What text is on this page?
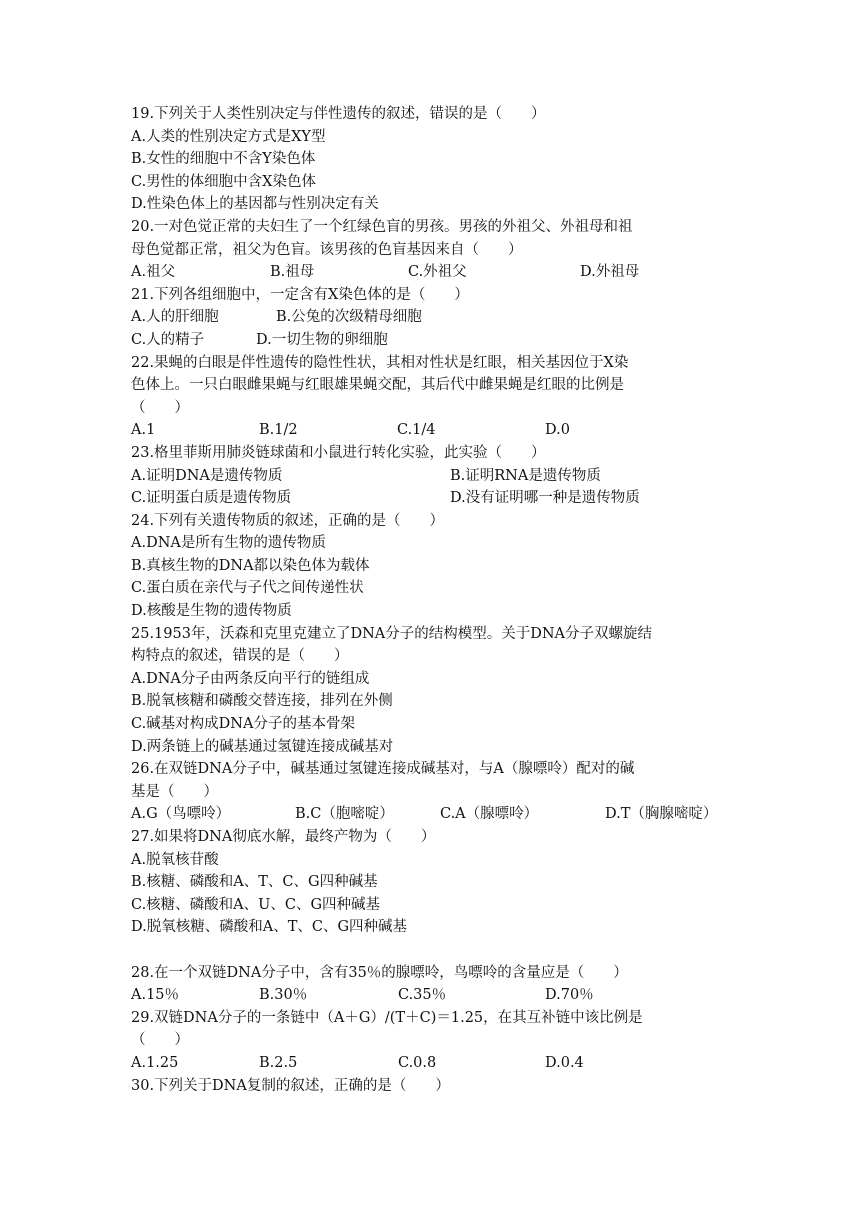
19.下列关于人类性别决定与伴性遗传的叙述，错误的是（　　）
A.人类的性别决定方式是XY型
B.女性的细胞中不含Y染色体
C.男性的体细胞中含X染色体
D.性染色体上的基因都与性别决定有关
20.一对色觉正常的夫妇生了一个红绿色盲的男孩。男孩的外祖父、外祖母和祖
母色觉都正常，祖父为色盲。该男孩的色盲基因来自（　　）
A.祖父	B.祖母	C.外祖父	D.外祖母
21.下列各组细胞中，一定含有X染色体的是（　　）
A.人的肝细胞	B.公兔的次级精母细胞
C.人的精子	D.一切生物的卵细胞
22.果蝇的白眼是伴性遗传的隐性性状，其相对性状是红眼，相关基因位于X染
色体上。一只白眼雌果蝇与红眼雄果蝇交配，其后代中雌果蝇是红眼的比例是
（　　）
A.1	B.1/2	C.1/4	D.0
23.格里菲斯用肺炎链球菌和小鼠进行转化实验，此实验（　　）
A.证明DNA是遗传物质	B.证明RNA是遗传物质
C.证明蛋白质是遗传物质	D.没有证明哪一种是遗传物质
24.下列有关遗传物质的叙述，正确的是（　　）
A.DNA是所有生物的遗传物质
B.真核生物的DNA都以染色体为载体
C.蛋白质在亲代与子代之间传递性状
D.核酸是生物的遗传物质
25.1953年，沃森和克里克建立了DNA分子的结构模型。关于DNA分子双螺旋结
构特点的叙述，错误的是（　　）
A.DNA分子由两条反向平行的链组成
B.脱氧核糖和磷酸交替连接，排列在外侧
C.碱基对构成DNA分子的基本骨架
D.两条链上的碱基通过氢键连接成碱基对
26.在双链DNA分子中，碱基通过氢键连接成碱基对，与A（腺嘌呤）配对的碱
基是（　　）
A.G（鸟嘌呤）	B.C（胞嘧啶）	C.A（腺嘌呤）	D.T（胸腺嘧啶）
27.如果将DNA彻底水解，最终产物为（　　）
A.脱氧核苷酸
B.核糖、磷酸和A、T、C、G四种碱基
C.核糖、磷酸和A、U、C、G四种碱基
D.脱氧核糖、磷酸和A、T、C、G四种碱基
28.在一个双链DNA分子中，含有35％的腺嘌呤，鸟嘌呤的含量应是（　　）
A.15％	B.30％	C.35％	D.70％
29.双链DNA分子的一条链中（A＋G）/(T＋C)＝1.25，在其互补链中该比例是
（　　）
A.1.25	B.2.5	C.0.8	D.0.4
30.下列关于DNA复制的叙述，正确的是（　　）
